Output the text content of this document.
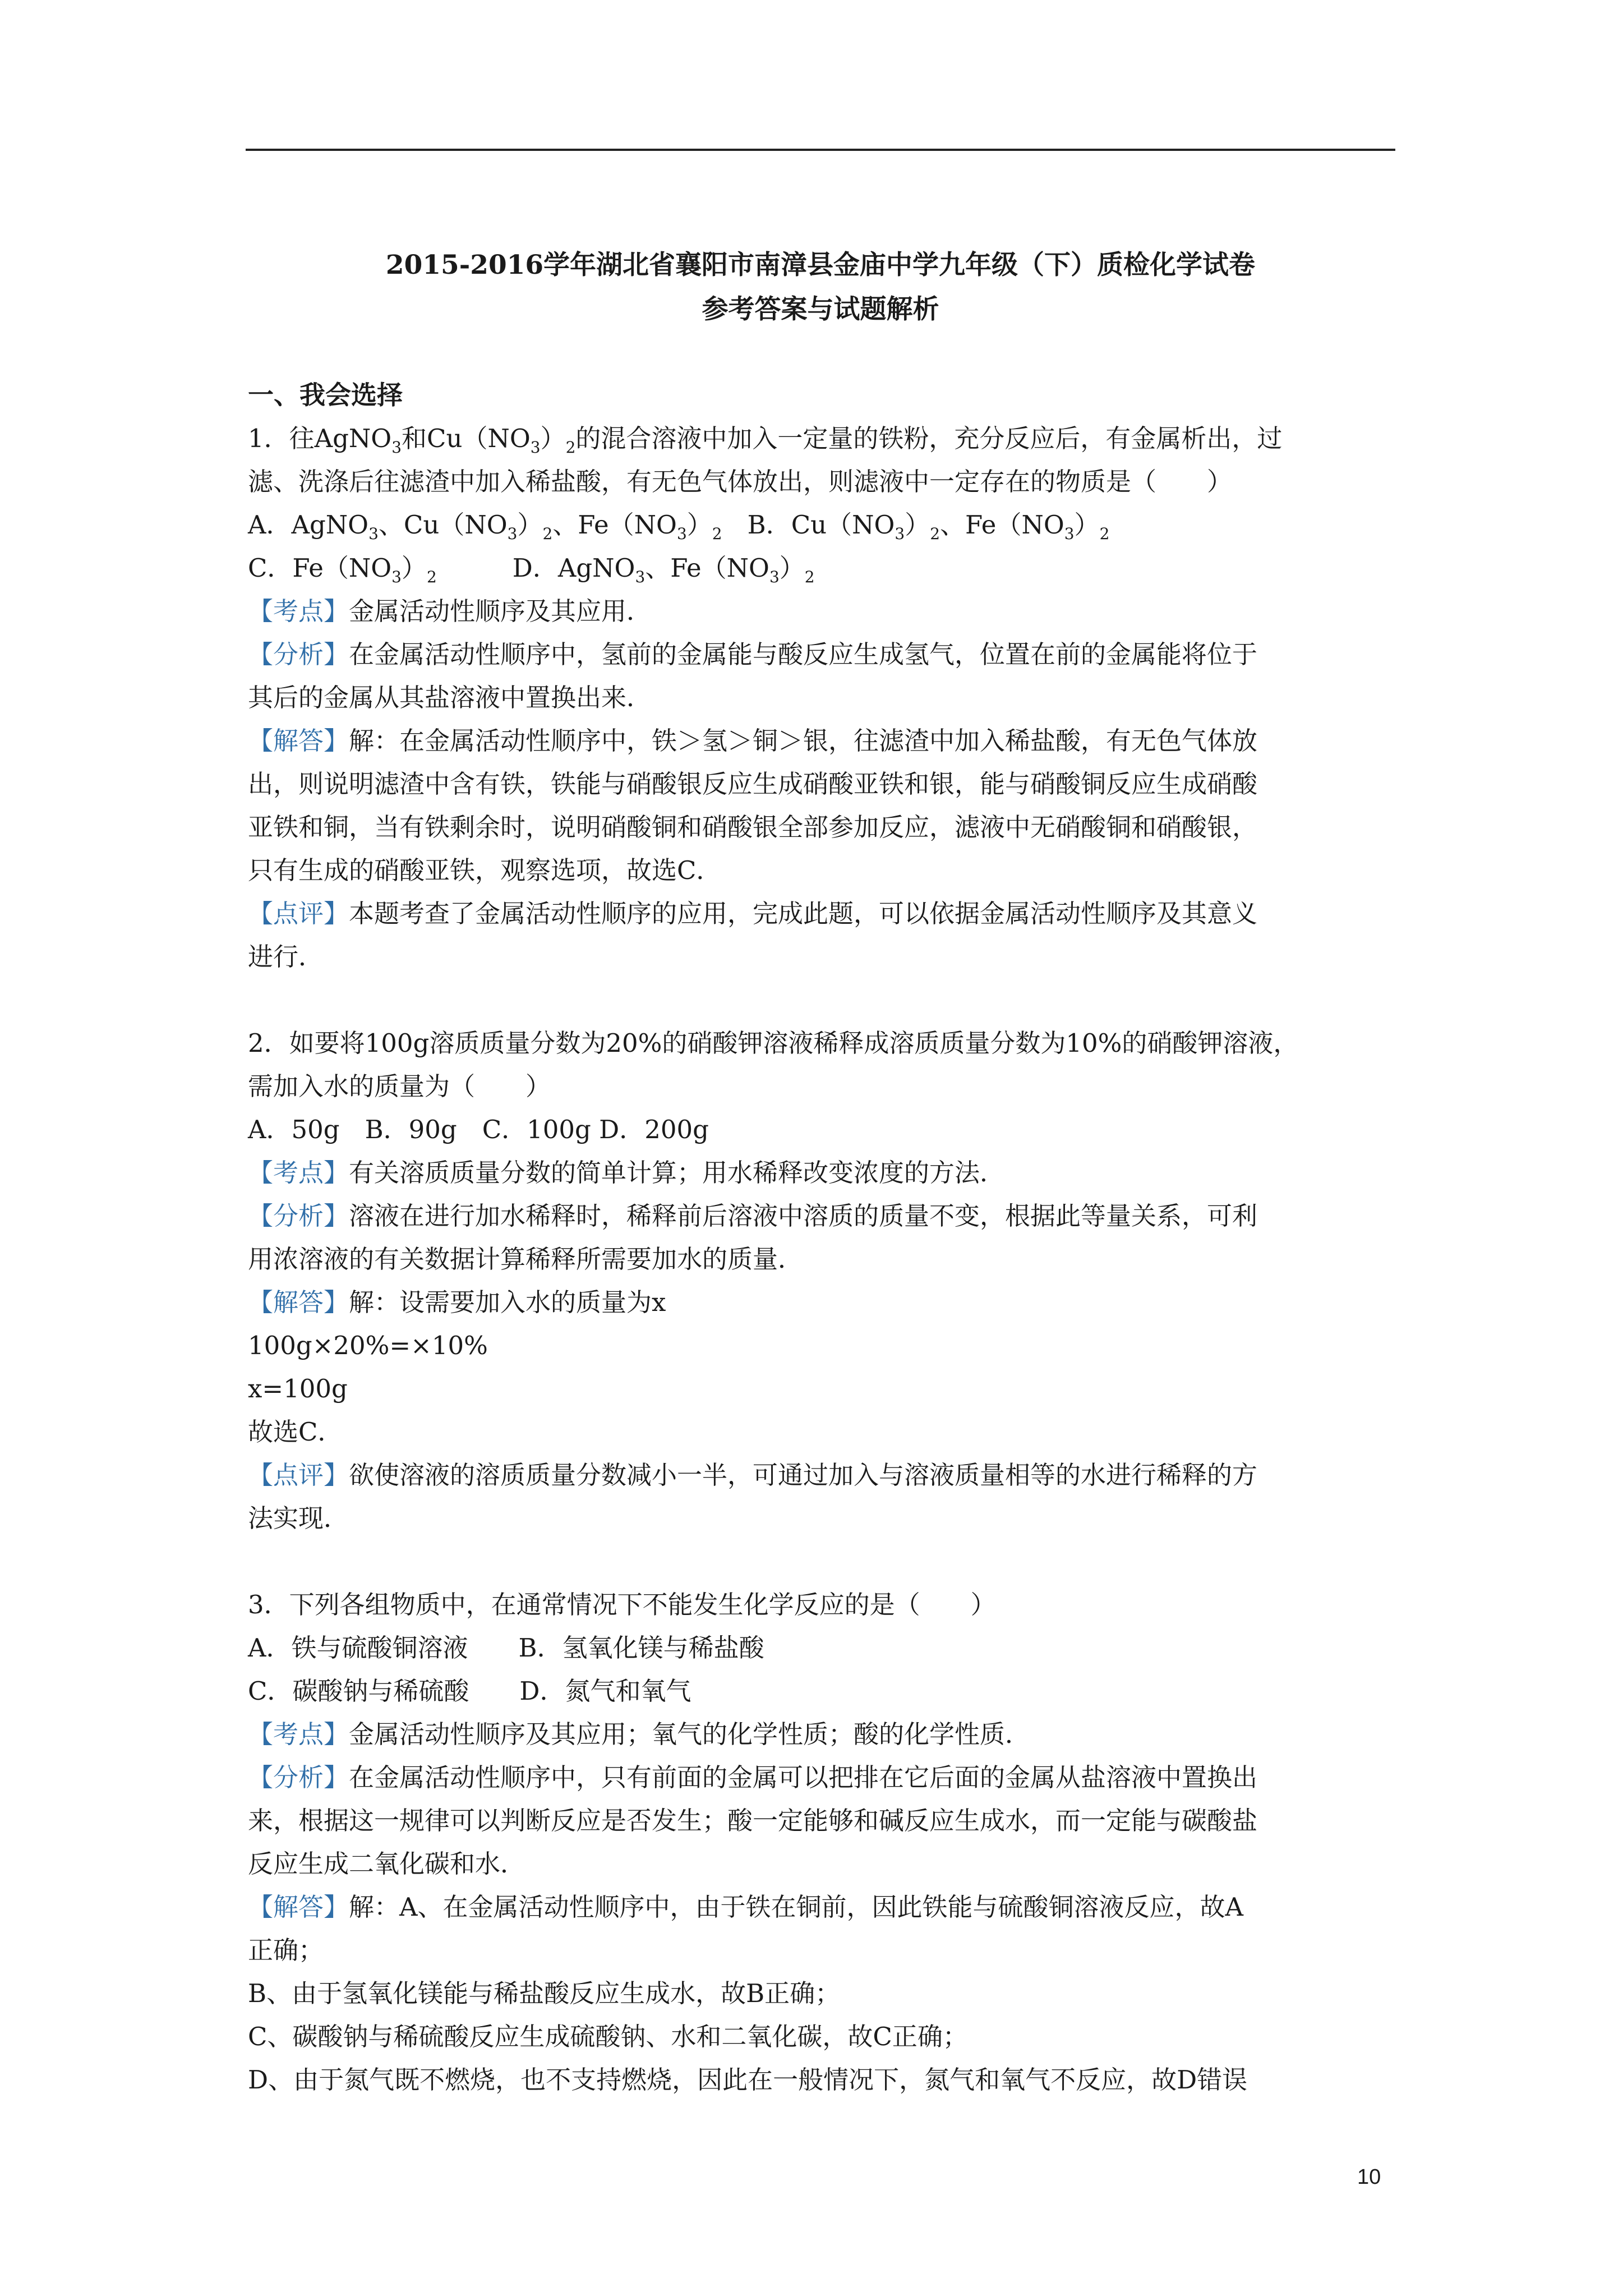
2015-2016学年湖北省襄阳市南漳县金庙中学九年级（下）质检化学试卷
参考答案与试题解析
一、我会选择
1．往AgNO$_3$和$Cu(NO_3)_2$的混合溶液中加入一定量的铁粉，充分反应后，有金属析出，过
滤、洗涤后往滤渣中加入稀盐酸，有无色气体放出，则滤液中一定存在的物质是（　　）
A．AgNO$_3$、$Cu(NO_3)_2$、$Fe(NO_3)_2$　 B．$Cu(NO_3)_2$、$Fe(NO_3)_2$
C．$Fe(NO_3)_2$　　　	D．AgNO$_3$、$Fe(NO_3)_2$
【考点】金属活动性顺序及其应用．
【分析】在金属活动性顺序中，氢前的金属能与酸反应生成氢气，位置在前的金属能将位于
其后的金属从其盐溶液中置换出来．
【解答】解：在金属活动性顺序中，铁＞氢＞铜＞银，往滤渣中加入稀盐酸，有无色气体放
出，则说明滤渣中含有铁，铁能与硝酸银反应生成硝酸亚铁和银，能与硝酸铜反应生成硝酸
亚铁和铜，当有铁剩余时，说明硝酸铜和硝酸银全部参加反应，滤液中无硝酸铜和硝酸银，
只有生成的硝酸亚铁，观察选项，故选C．
【点评】本题考查了金属活动性顺序的应用，完成此题，可以依据金属活动性顺序及其意义
进行．
2．如要将100g溶质质量分数为20%的硝酸钾溶液稀释成溶质质量分数为10%的硝酸钾溶液，
需加入水的质量为（　　）
A．50g　B．90g　C．100g D．200g
【考点】有关溶质质量分数的简单计算；用水稀释改变浓度的方法．
【分析】溶液在进行加水稀释时，稀释前后溶液中溶质的质量不变，根据此等量关系，可利
用浓溶液的有关数据计算稀释所需要加水的质量．
【解答】解：设需要加入水的质量为x
100g×20%=×10%
x=100g
故选C．
【点评】欲使溶液的溶质质量分数减小一半，可通过加入与溶液质量相等的水进行稀释的方
法实现．
3．下列各组物质中，在通常情况下不能发生化学反应的是（　　）
A．铁与硫酸铜溶液　　B．氢氧化镁与稀盐酸
C．碳酸钠与稀硫酸　　D．氮气和氧气
【考点】金属活动性顺序及其应用；氧气的化学性质；酸的化学性质．
【分析】在金属活动性顺序中，只有前面的金属可以把排在它后面的金属从盐溶液中置换出
来，根据这一规律可以判断反应是否发生；酸一定能够和碱反应生成水，而一定能与碳酸盐
反应生成二氧化碳和水．
【解答】解：A、在金属活动性顺序中，由于铁在铜前，因此铁能与硫酸铜溶液反应，故A
正确；
B、由于氢氧化镁能与稀盐酸反应生成水，故B正确；
C、碳酸钠与稀硫酸反应生成硫酸钠、水和二氧化碳，故C正确；
D、由于氮气既不燃烧，也不支持燃烧，因此在一般情况下，氮气和氧气不反应，故D错误
10
